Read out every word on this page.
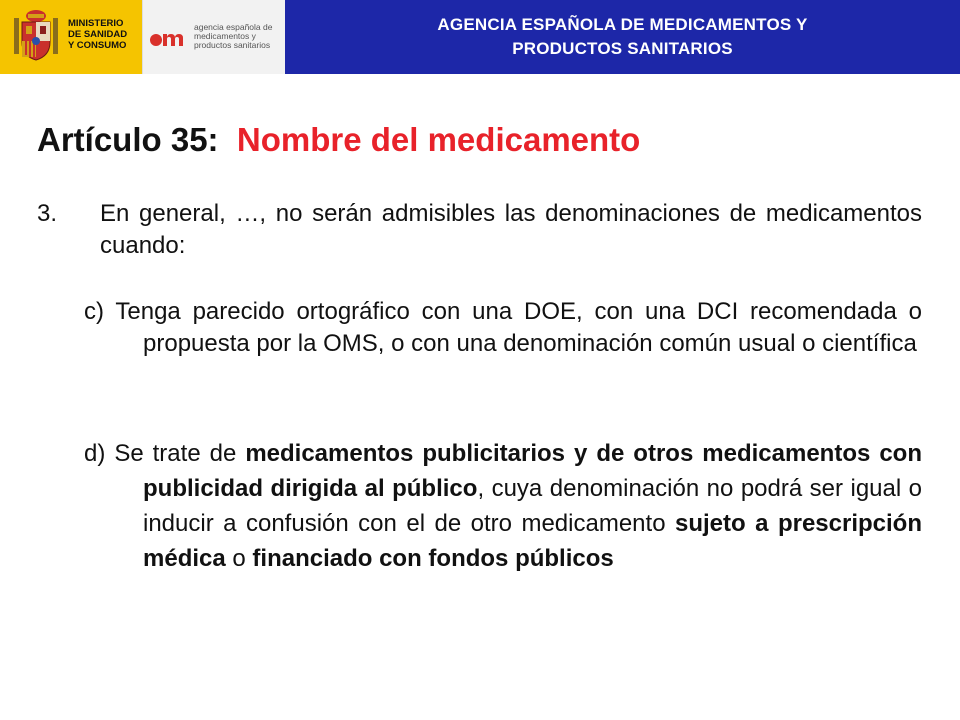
MINISTERIO
DE SANIDAD
Y CONSUMO
agencia española de
medicamentos y
productos sanitarios
AGENCIA ESPAÑOLA DE MEDICAMENTOS Y
PRODUCTOS SANITARIOS
Artículo 35: Nombre del medicamento
3. En general, …, no serán admisibles las denominaciones de medicamentos cuando:
c) Tenga parecido ortográfico con una DOE, con una DCI recomendada o propuesta por la OMS, o con una denominación común usual o científica
d) Se trate de medicamentos publicitarios y de otros medicamentos con publicidad dirigida al público, cuya denominación no podrá ser igual o inducir a confusión con el de otro medicamento sujeto a prescripción médica o financiado con fondos públicos
